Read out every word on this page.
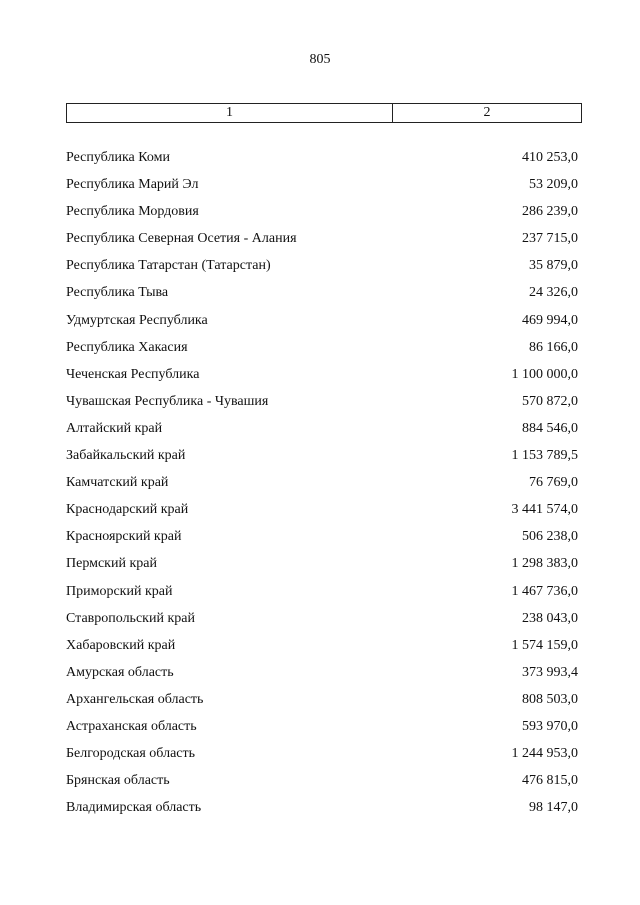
805
1	2
Республика Коми	410 253,0
Республика Марий Эл	53 209,0
Республика Мордовия	286 239,0
Республика Северная Осетия - Алания	237 715,0
Республика Татарстан (Татарстан)	35 879,0
Республика Тыва	24 326,0
Удмуртская Республика	469 994,0
Республика Хакасия	86 166,0
Чеченская Республика	1 100 000,0
Чувашская Республика - Чувашия	570 872,0
Алтайский край	884 546,0
Забайкальский край	1 153 789,5
Камчатский край	76 769,0
Краснодарский край	3 441 574,0
Красноярский край	506 238,0
Пермский край	1 298 383,0
Приморский край	1 467 736,0
Ставропольский край	238 043,0
Хабаровский край	1 574 159,0
Амурская область	373 993,4
Архангельская область	808 503,0
Астраханская область	593 970,0
Белгородская область	1 244 953,0
Брянская область	476 815,0
Владимирская область	98 147,0
